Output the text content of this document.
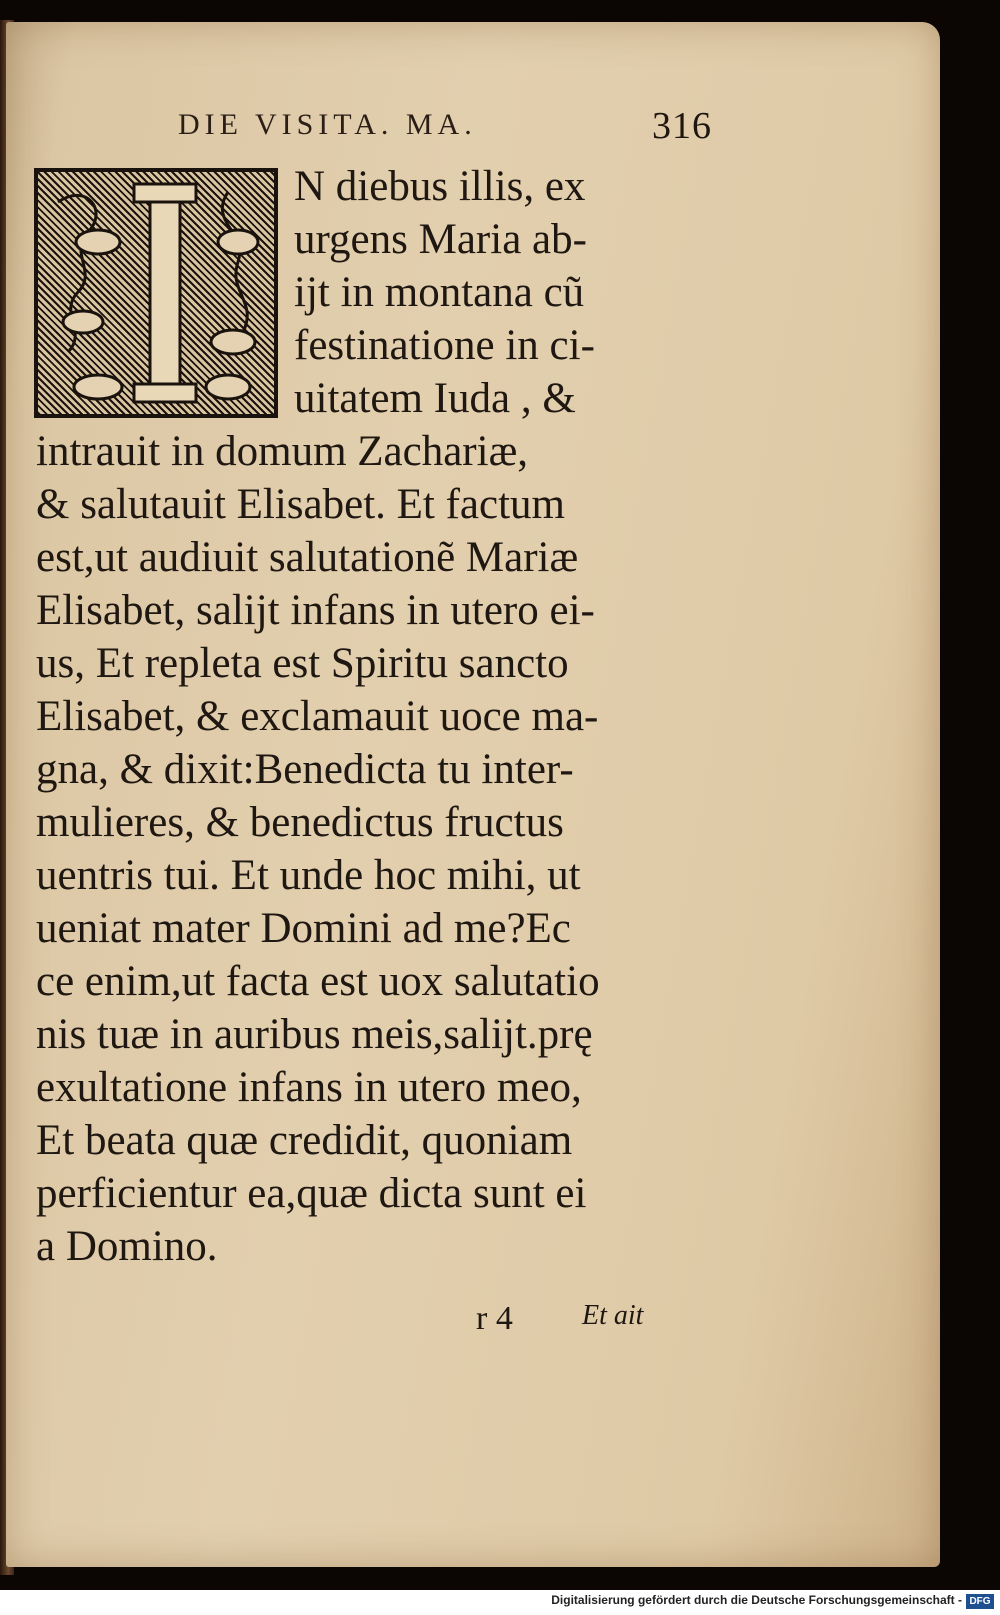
DIE VISITA. MA.	316
N diebus illis, ex
urgens Maria ab-
ijt in montana cũ
festinatione in ci-
uitatem Iuda , &
intrauit in domum Zachariæ,
& salutauit Elisabet. Et factum
est,ut audiuit salutationẽ Mariæ
Elisabet, salijt infans in utero ei-
us, Et repleta est Spiritu sancto
Elisabet, & exclamauit uoce ma-
gna, & dixit:Benedicta tu inter-
mulieres, & benedictus fructus
uentris tui. Et unde hoc mihi, ut
ueniat mater Domini ad me?Ec
ce enim,ut facta est uox salutatio
nis tuæ in auribus meis,salijt.prę
exultatione infans in utero meo,
Et beata quæ credidit, quoniam
perficientur ea,quæ dicta sunt ei
a Domino.
r 4 Et ait
Digitalisierung gefördert durch die Deutsche Forschungsgemeinschaft - DFG
